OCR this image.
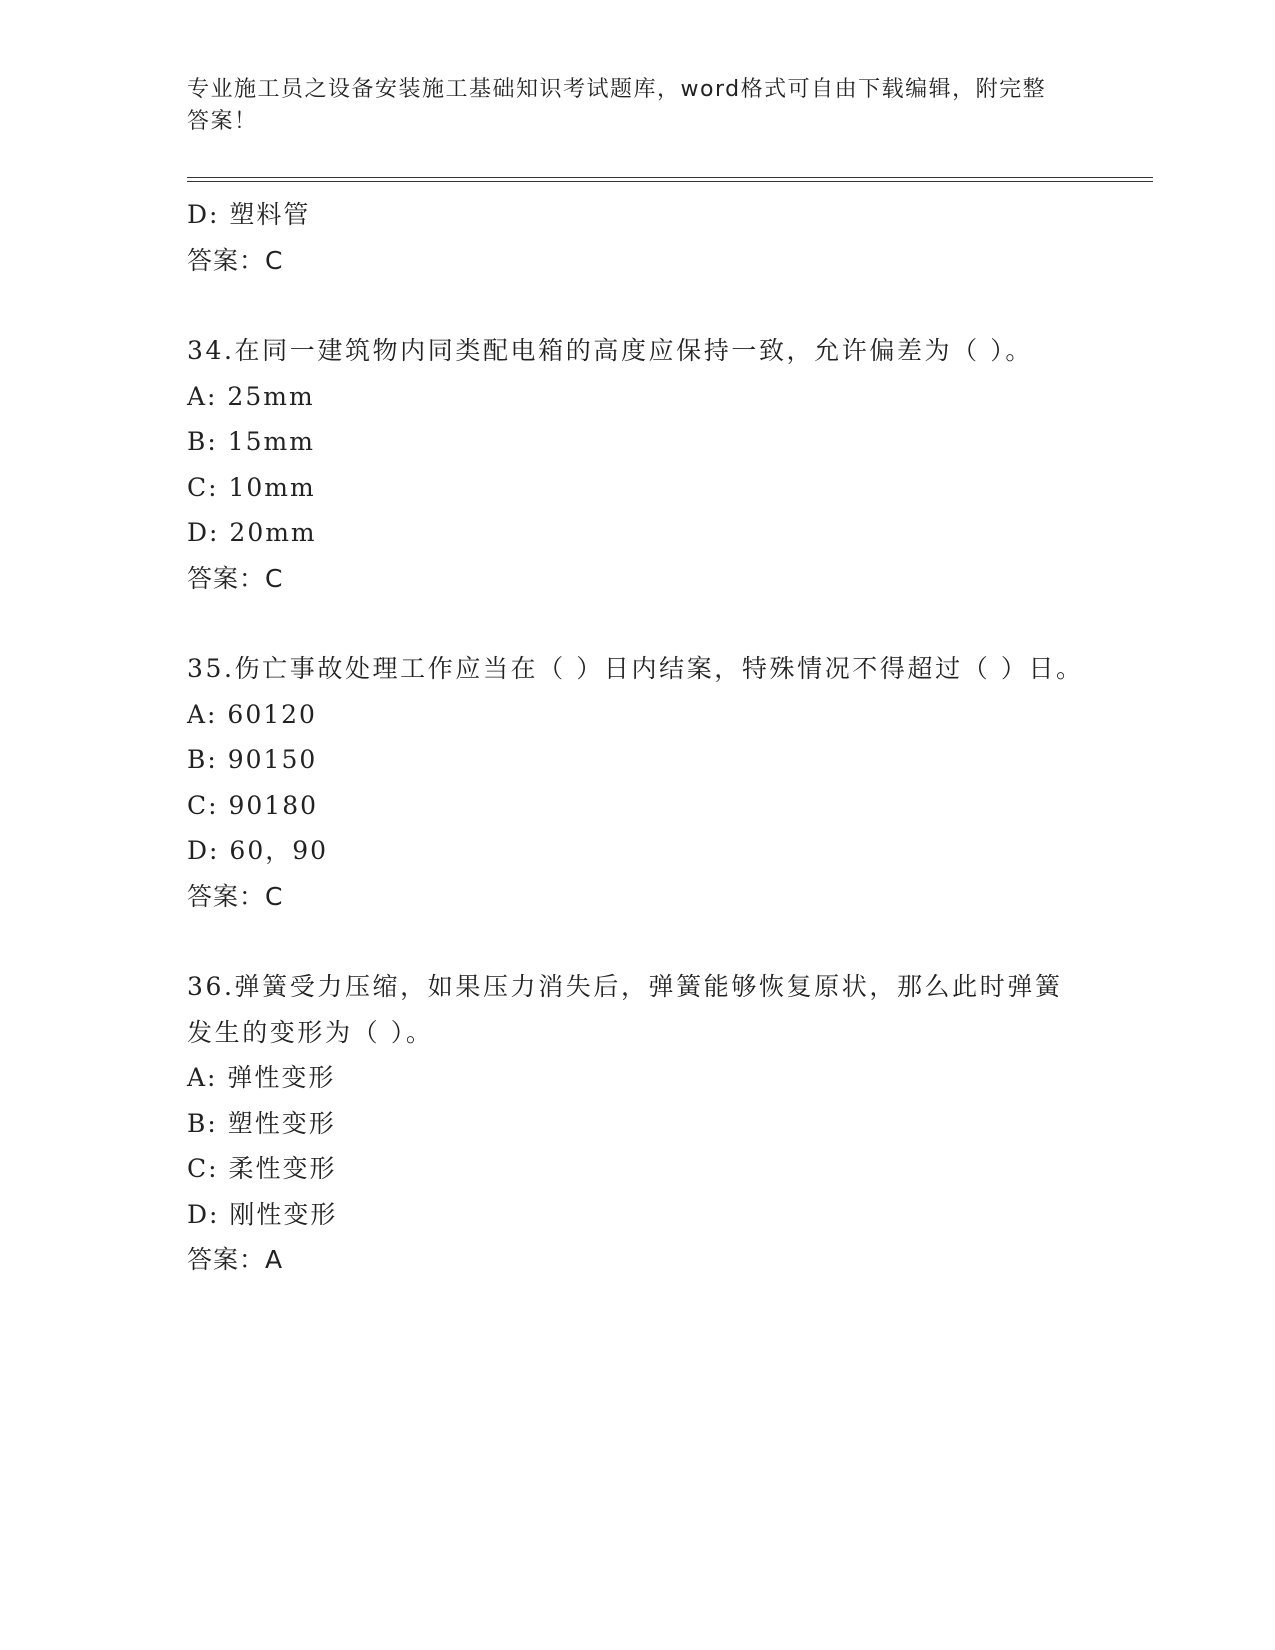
专业施工员之设备安装施工基础知识考试题库，word格式可自由下载编辑，附完整答案！
D: 塑料管
答案：C
34.在同一建筑物内同类配电箱的高度应保持一致，允许偏差为（ ）。
A: 25mm
B: 15mm
C: 10mm
D: 20mm
答案：C
35.伤亡事故处理工作应当在（ ）日内结案，特殊情况不得超过（ ）日。
A: 60120
B: 90150
C: 90180
D: 60，90
答案：C
36.弹簧受力压缩，如果压力消失后，弹簧能够恢复原状，那么此时弹簧发生的变形为（ ）。
A: 弹性变形
B: 塑性变形
C: 柔性变形
D: 刚性变形
答案：A
